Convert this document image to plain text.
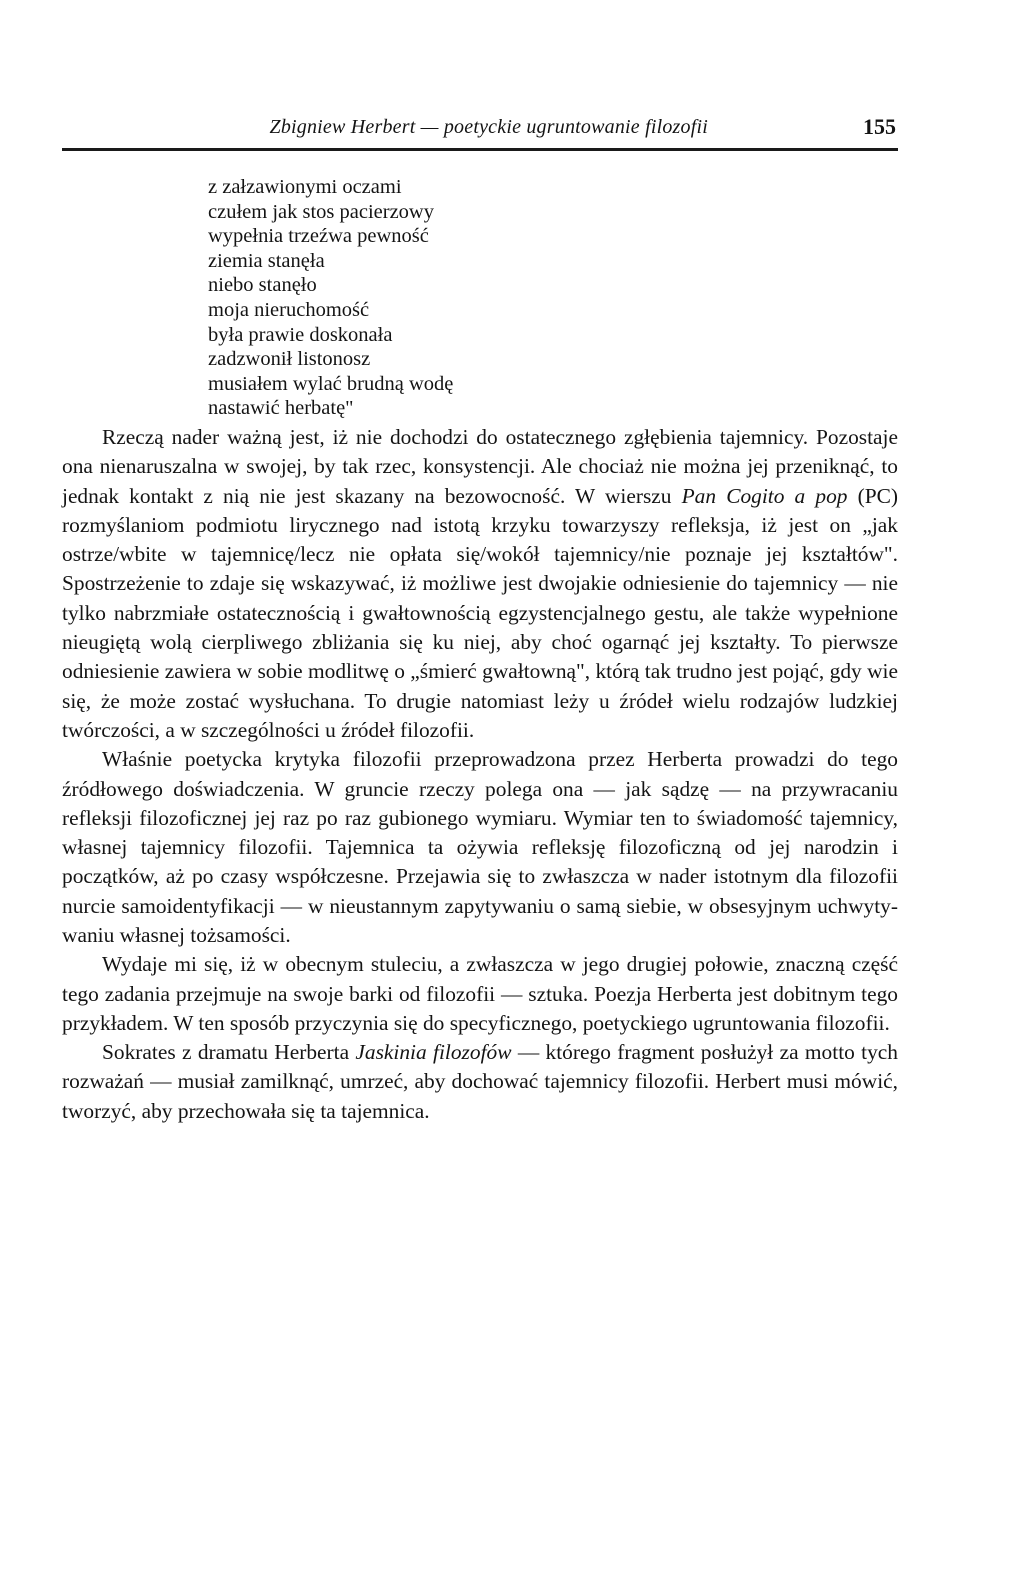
Zbigniew Herbert — poetyckie ugruntowanie filozofii	155
z załzawionymi oczami
czułem jak stos pacierzowy
wypełnia trzeźwa pewność
ziemia stanęła
niebo stanęło
moja nieruchomość
była prawie doskonała
zadzwonił listonosz
musiałem wylać brudną wodę
nastawić herbatę"

Rzeczą nader ważną jest, iż nie dochodzi do ostatecznego zgłębienia tajemnicy. Pozostaje ona nienaruszalna w swojej, by tak rzec, konsystencji. Ale chociaż nie można jej przeniknąć, to jednak kontakt z nią nie jest skazany na bezowocność. W wierszu Pan Cogito a pop (PC) rozmyślaniom podmiotu lirycznego nad istotą krzyku towarzyszy refleksja, iż jest on „jak ostrze/wbite w tajemnicę/lecz nie opłata się/wokół tajemnicy/nie poznaje jej kształtów". Spostrzeżenie to zdaje się wskazywać, iż możliwe jest dwojakie odniesienie do tajemnicy — nie tylko nabrzmiałe ostatecznością i gwałtownością egzystencjalnego gestu, ale także wypełnione nieugiętą wolą cierpliwego zbliżania się ku niej, aby choć ogarnąć jej kształty. To pierwsze odniesienie zawiera w sobie modlitwę o „śmierć gwałtowną", którą tak trudno jest pojąć, gdy wie się, że może zostać wysłuchana. To drugie natomiast leży u źródeł wielu rodzajów ludzkiej twórczości, a w szczególności u źródeł filozofii.

Właśnie poetycka krytyka filozofii przeprowadzona przez Herberta prowadzi do tego źródłowego doświadczenia. W gruncie rzeczy polega ona — jak sądzę — na przywracaniu refleksji filozoficznej jej raz po raz gubionego wymiaru. Wymiar ten to świadomość tajemnicy, własnej tajemnicy filozofii. Tajemnica ta ożywia refleksję filozoficzną od jej narodzin i początków, aż po czasy współczesne. Przejawia się to zwłaszcza w nader istotnym dla filozofii nurcie samoidentyfikacji — w nieustannym zapytywaniu o samą siebie, w obsesyjnym uchwytywaniu własnej tożsamości.

Wydaje mi się, iż w obecnym stuleciu, a zwłaszcza w jego drugiej połowie, znaczną część tego zadania przejmuje na swoje barki od filozofii — sztuka. Poezja Herberta jest dobitnym tego przykładem. W ten sposób przyczynia się do specyficznego, poetyckiego ugruntowania filozofii.

Sokrates z dramatu Herberta Jaskinia filozofów — którego fragment posłużył za motto tych rozważań — musiał zamilknąć, umrzeć, aby dochować tajemnicy filozofii. Herbert musi mówić, tworzyć, aby przechowała się ta tajemnica.
